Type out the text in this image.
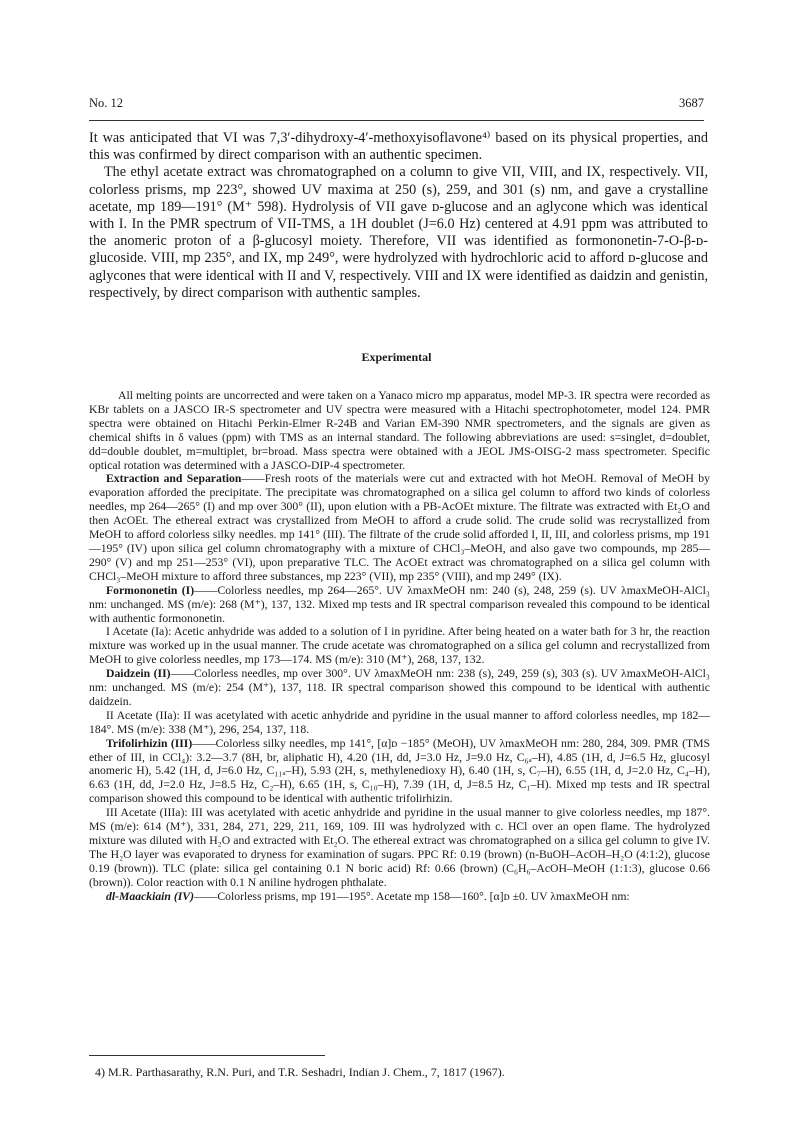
No. 12	3687

It was anticipated that VI was 7,3′-dihydroxy-4′-methoxyisoflavone⁴⁾ based on its physical properties, and this was confirmed by direct comparison with an authentic specimen.

The ethyl acetate extract was chromatographed on a column to give VII, VIII, and IX, respectively. VII, colorless prisms, mp 223°, showed UV maxima at 250 (s), 259, and 301 (s) nm, and gave a crystalline acetate, mp 189—191° (M⁺ 598). Hydrolysis of VII gave ᴅ-glucose and an aglycone which was identical with I. In the PMR spectrum of VII-TMS, a 1H doublet (J=6.0 Hz) centered at 4.91 ppm was attributed to the anomeric proton of a β-glucosyl moiety. Therefore, VII was identified as formononetin-7-O-β-ᴅ-glucoside. VIII, mp 235°, and IX, mp 249°, were hydrolyzed with hydrochloric acid to afford ᴅ-glucose and aglycones that were identical with II and V, respectively. VIII and IX were identified as daidzin and genistin, respectively, by direct comparison with authentic samples.

Experimental

All melting points are uncorrected and were taken on a Yanaco micro mp apparatus, model MP-3. IR spectra were recorded as KBr tablets on a JASCO IR-S spectrometer and UV spectra were measured with a Hitachi spectrophotometer, model 124. PMR spectra were obtained on Hitachi Perkin-Elmer R-24B and Varian EM-390 NMR spectrometers, and the signals are given as chemical shifts in δ values (ppm) with TMS as an internal standard. The following abbreviations are used: s=singlet, d=doublet, dd=double doublet, m=multiplet, br=broad. Mass spectra were obtained with a JEOL JMS-OISG-2 mass spectrometer. Specific optical rotation was determined with a JASCO-DIP-4 spectrometer.

Extraction and Separation——Fresh roots of the materials were cut and extracted with hot MeOH. Removal of MeOH by evaporation afforded the precipitate. The precipitate was chromatographed on a silica gel column to afford two kinds of colorless needles, mp 264—265° (I) and mp over 300° (II), upon elution with a PB-AcOEt mixture. The filtrate was extracted with Et₂O and then AcOEt. The ethereal extract was crystallized from MeOH to afford a crude solid. The crude solid was recrystallized from MeOH to afford colorless silky needles. mp 141° (III). The filtrate of the crude solid afforded I, II, III, and colorless prisms, mp 191—195° (IV) upon silica gel column chromatography with a mixture of CHCl₃–MeOH, and also gave two compounds, mp 285—290° (V) and mp 251—253° (VI), upon preparative TLC. The AcOEt extract was chromatographed on a silica gel column with CHCl₃–MeOH mixture to afford three substances, mp 223° (VII), mp 235° (VIII), and mp 249° (IX).

Formononetin (I)——Colorless needles, mp 264—265°. UV λmaxMeOH nm: 240 (s), 248, 259 (s). UV λmaxMeOH-AlCl₃ nm: unchanged. MS (m/e): 268 (M⁺), 137, 132. Mixed mp tests and IR spectral comparison revealed this compound to be identical with authentic formononetin.

I Acetate (Ia): Acetic anhydride was added to a solution of I in pyridine. After being heated on a water bath for 3 hr, the reaction mixture was worked up in the usual manner. The crude acetate was chromatographed on a silica gel column and recrystallized from MeOH to give colorless needles, mp 173—174. MS (m/e): 310 (M⁺), 268, 137, 132.

Daidzein (II)——Colorless needles, mp over 300°. UV λmaxMeOH nm: 238 (s), 249, 259 (s), 303 (s). UV λmaxMeOH-AlCl₃ nm: unchanged. MS (m/e): 254 (M⁺), 137, 118. IR spectral comparison showed this compound to be identical with authentic daidzein.

II Acetate (IIa): II was acetylated with acetic anhydride and pyridine in the usual manner to afford colorless needles, mp 182—184°. MS (m/e): 338 (M⁺), 296, 254, 137, 118.

Trifolirhizin (III)——Colorless silky needles, mp 141°, [α]ᴅ −185° (MeOH), UV λmaxMeOH nm: 280, 284, 309. PMR (TMS ether of III, in CCl₄): 3.2—3.7 (8H, br, aliphatic H), 4.20 (1H, dd, J=3.0 Hz, J=9.0 Hz, C₆ₐ–H), 4.85 (1H, d, J=6.5 Hz, glucosyl anomeric H), 5.42 (1H, d, J=6.0 Hz, C₁₁ₐ–H), 5.93 (2H, s, methylenedioxy H), 6.40 (1H, s, C₇–H), 6.55 (1H, d, J=2.0 Hz, C₄–H), 6.63 (1H, dd, J=2.0 Hz, J=8.5 Hz, C₂–H), 6.65 (1H, s, C₁₀–H), 7.39 (1H, d, J=8.5 Hz, C₁–H). Mixed mp tests and IR spectral comparison showed this compound to be identical with authentic trifolirhizin.

III Acetate (IIIa): III was acetylated with acetic anhydride and pyridine in the usual manner to give colorless needles, mp 187°. MS (m/e): 614 (M⁺), 331, 284, 271, 229, 211, 169, 109. III was hydrolyzed with c. HCl over an open flame. The hydrolyzed mixture was diluted with H₂O and extracted with Et₂O. The ethereal extract was chromatographed on a silica gel column to give IV. The H₂O layer was evaporated to dryness for examination of sugars. PPC Rf: 0.19 (brown) (n-BuOH–AcOH–H₂O (4:1:2), glucose 0.19 (brown)). TLC (plate: silica gel containing 0.1 N boric acid) Rf: 0.66 (brown) (C₆H₆–AcOH–MeOH (1:1:3), glucose 0.66 (brown)). Color reaction with 0.1 N aniline hydrogen phthalate.

dl-Maackiain (IV)——Colorless prisms, mp 191—195°. Acetate mp 158—160°. [α]ᴅ ±0. UV λmaxMeOH nm:

4) M.R. Parthasarathy, R.N. Puri, and T.R. Seshadri, Indian J. Chem., 7, 1817 (1967).
